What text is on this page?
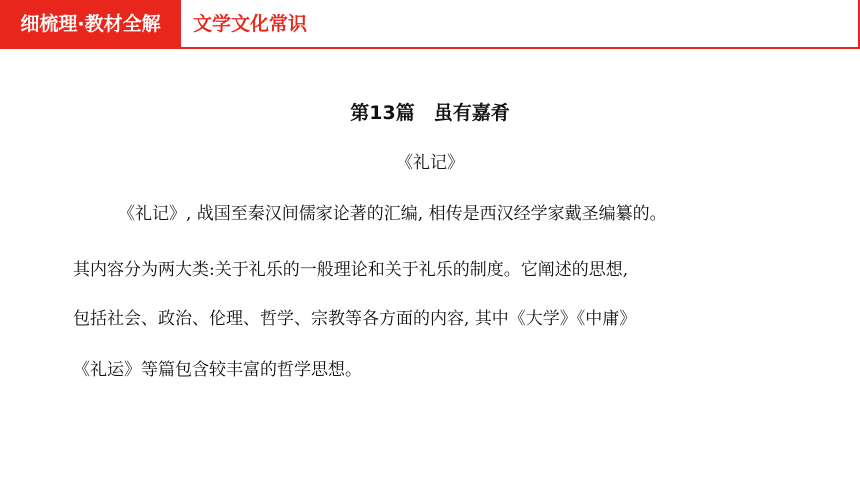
细梳理·教材全解	文学文化常识
第13篇　虽有嘉肴
《礼记》
《礼记》, 战国至秦汉间儒家论著的汇编, 相传是西汉经学家戴圣编纂的。
其内容分为两大类:关于礼乐的一般理论和关于礼乐的制度。它阐述的思想,
包括社会、政治、伦理、哲学、宗教等各方面的内容, 其中《大学》《中庸》
《礼运》等篇包含较丰富的哲学思想。
